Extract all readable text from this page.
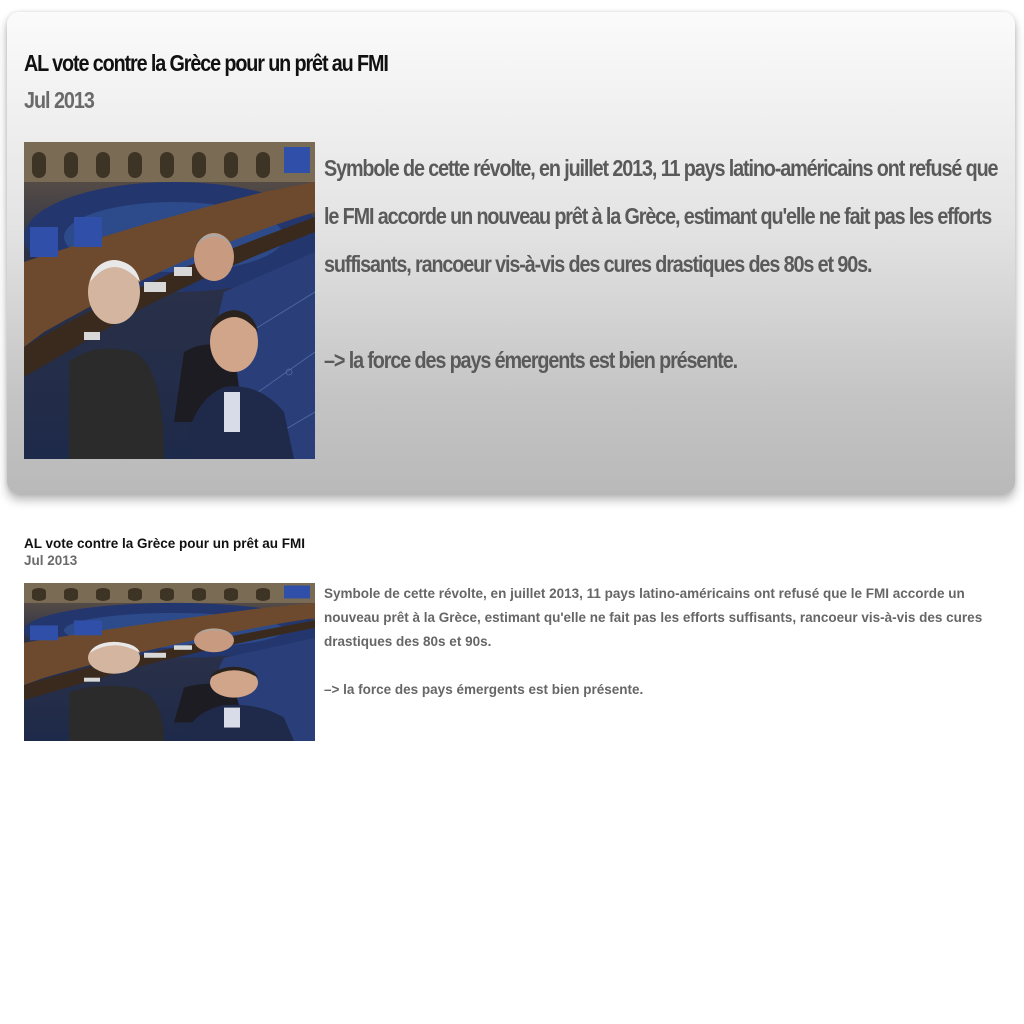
AL vote contre la Grèce pour un prêt au FMI
Jul 2013

Symbole de cette révolte, en juillet 2013, 11 pays latino-américains ont refusé que le FMI accorde un nouveau prêt à la Grèce, estimant qu'elle ne fait pas les efforts suffisants, rancoeur vis-à-vis des cures drastiques des 80s et 90s.

–> la force des pays émergents est bien présente.

AL vote contre la Grèce pour un prêt au FMI
Jul 2013

Symbole de cette révolte, en juillet 2013, 11 pays latino-américains ont refusé que le FMI accorde un nouveau prêt à la Grèce, estimant qu'elle ne fait pas les efforts suffisants, rancoeur vis-à-vis des cures drastiques des 80s et 90s.

–> la force des pays émergents est bien présente.
